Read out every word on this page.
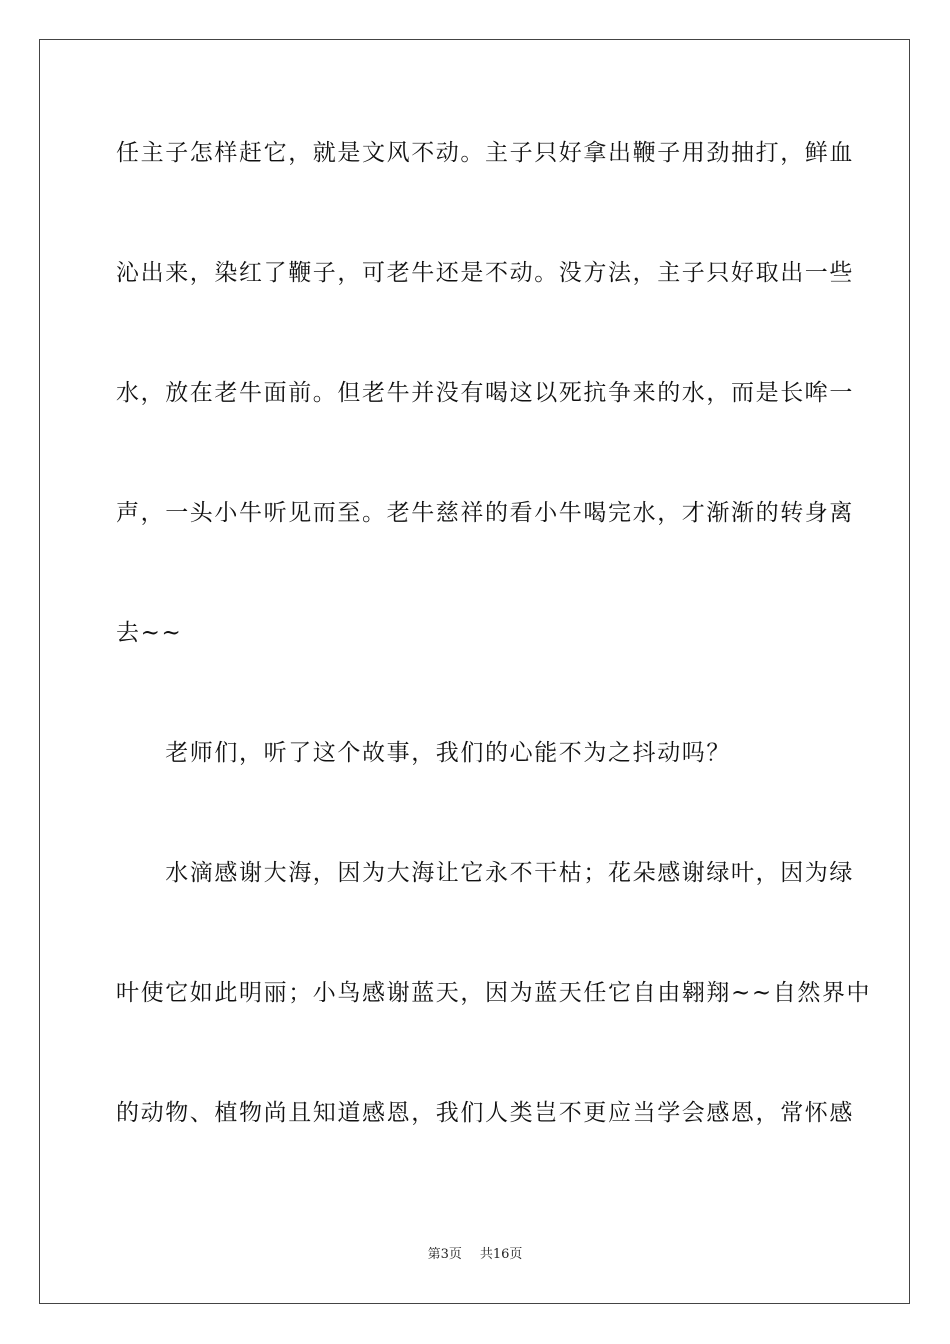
任主子怎样赶它，就是文风不动。主子只好拿出鞭子用劲抽打，鲜血
沁出来，染红了鞭子，可老牛还是不动。没方法，主子只好取出一些
水，放在老牛面前。但老牛并没有喝这以死抗争来的水，而是长哞一
声，一头小牛听见而至。老牛慈祥的看小牛喝完水，才渐渐的转身离
去~~
　　老师们，听了这个故事，我们的心能不为之抖动吗？
　　水滴感谢大海，因为大海让它永不干枯；花朵感谢绿叶，因为绿
叶使它如此明丽；小鸟感谢蓝天，因为蓝天任它自由翱翔~~自然界中
的动物、植物尚且知道感恩，我们人类岂不更应当学会感恩，常怀感
第3页 共16页
